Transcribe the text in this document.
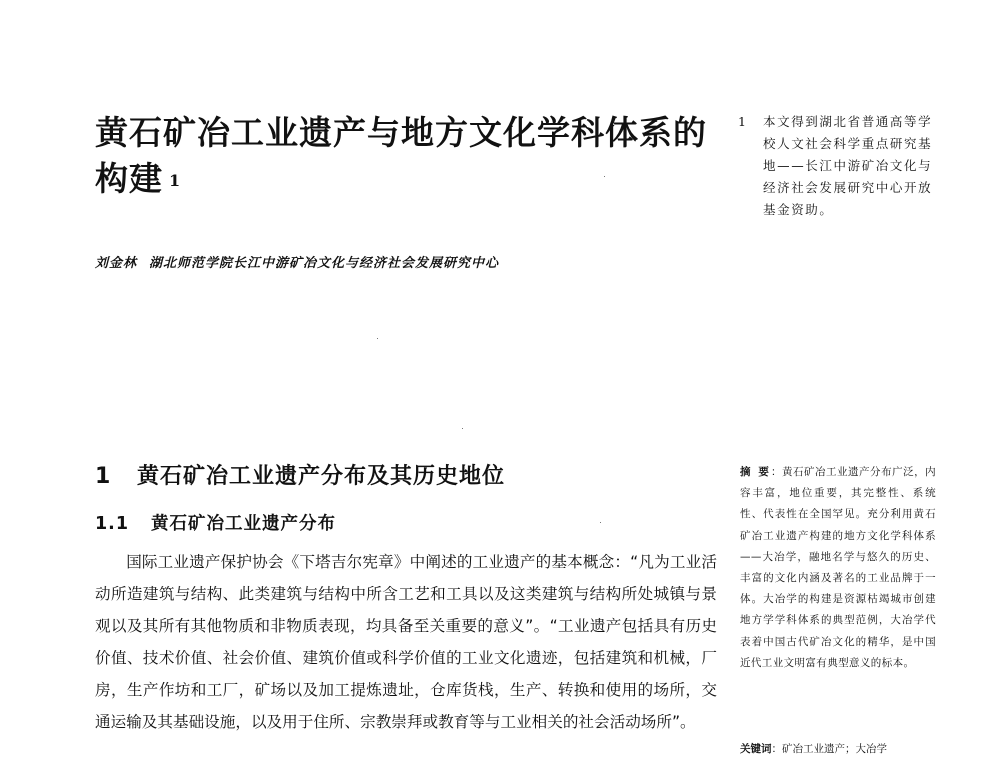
黄石矿冶工业遗产与地方文化学科体系的构建 $^1$
刘金林 湖北师范学院长江中游矿冶文化与经济社会发展研究中心
1 本文得到湖北省普通高等学校人文社会科学重点研究基地——长江中游矿冶文化与经济社会发展研究中心开放基金资助。
1 黄石矿冶工业遗产分布及其历史地位
1.1 黄石矿冶工业遗产分布

国际工业遗产保护协会《下塔吉尔宪章》中阐述的工业遗产的基本概念：“凡为工业活动所造建筑与结构、此类建筑与结构中所含工艺和工具以及这类建筑与结构所处城镇与景观以及其所有其他物质和非物质表现，均具备至关重要的意义”。“工业遗产包括具有历史价值、技术价值、社会价值、建筑价值或科学价值的工业文化遗迹，包括建筑和机械，厂房，生产作坊和工厂，矿场以及加工提炼遗址，仓库货栈，生产、转换和使用的场所，交通运输及其基础设施，以及用于住所、宗教崇拜或教育等与工业相关的社会活动场所”。

摘 要：黄石矿冶工业遗产分布广泛，内容丰富，地位重要，其完整性、系统性、代表性在全国罕见。充分利用黄石矿冶工业遗产构建的地方文化学科体系——大冶学，融地名学与悠久的历史、丰富的文化内涵及著名的工业品牌于一体。大冶学的构建是资源枯竭城市创建地方学学科体系的典型范例，大冶学代表着中国古代矿冶文化的精华，是中国近代工业文明富有典型意义的标本。

关键词：矿冶工业遗产；大冶学
